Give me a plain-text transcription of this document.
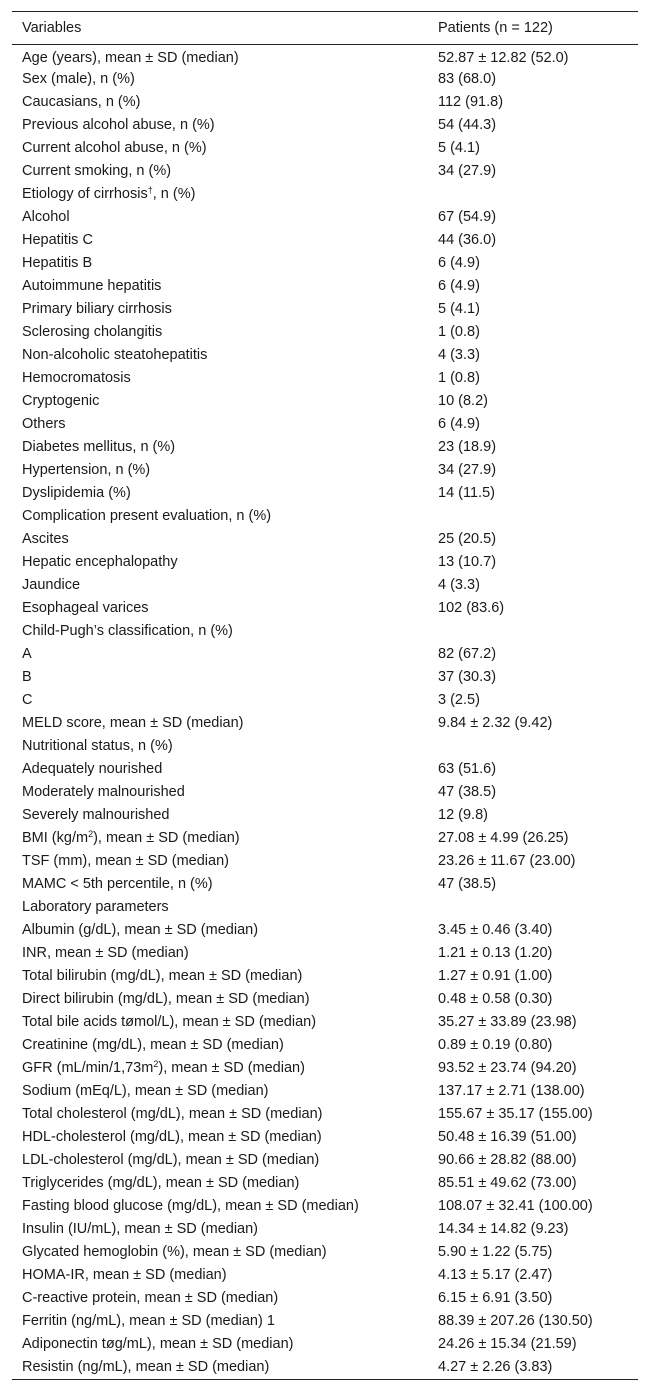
Variables	Patients (n = 122)
Age (years), mean ± SD (median)	52.87 ± 12.82 (52.0)
Sex (male), n (%)	83 (68.0)
Caucasians, n (%)	112 (91.8)
Previous alcohol abuse, n (%)	54 (44.3)
Current alcohol abuse, n (%)	5 (4.1)
Current smoking, n (%)	34 (27.9)
Etiology of cirrhosis†, n (%)	
Alcohol	67 (54.9)
Hepatitis C	44 (36.0)
Hepatitis B	6 (4.9)
Autoimmune hepatitis	6 (4.9)
Primary biliary cirrhosis	5 (4.1)
Sclerosing cholangitis	1 (0.8)
Non-alcoholic steatohepatitis	4 (3.3)
Hemocromatosis	1 (0.8)
Cryptogenic	10 (8.2)
Others	6 (4.9)
Diabetes mellitus, n (%)	23 (18.9)
Hypertension, n (%)	34 (27.9)
Dyslipidemia (%)	14 (11.5)
Complication present evaluation, n (%)	
Ascites	25 (20.5)
Hepatic encephalopathy	13 (10.7)
Jaundice	4 (3.3)
Esophageal varices	102 (83.6)
Child-Pugh’s classification, n (%)	
A	82 (67.2)
B	37 (30.3)
C	3 (2.5)
MELD score, mean ± SD (median)	9.84 ± 2.32 (9.42)
Nutritional status, n (%)	
Adequately nourished	63 (51.6)
Moderately malnourished	47 (38.5)
Severely malnourished	12 (9.8)
BMI $(kg/m^2)$, mean ± SD (median)	27.08 ± 4.99 (26.25)
TSF (mm), mean ± SD (median)	23.26 ± 11.67 (23.00)
MAMC < 5th percentile, n (%)	47 (38.5)
Laboratory parameters	
Albumin (g/dL), mean ± SD (median)	3.45 ± 0.46 (3.40)
INR, mean ± SD (median)	1.21 ± 0.13 (1.20)
Total bilirubin (mg/dL), mean ± SD (median)	1.27 ± 0.91 (1.00)
Direct bilirubin (mg/dL), mean ± SD (median)	0.48 ± 0.58 (0.30)
Total bile acids tømol/L), mean ± SD (median)	35.27 ± 33.89 (23.98)
Creatinine (mg/dL), mean ± SD (median)	0.89 ± 0.19 (0.80)
GFR $(mL/\min/1,73m^2)$, mean ± SD (median)	93.52 ± 23.74 (94.20)
Sodium (mEq/L), mean ± SD (median)	137.17 ± 2.71 (138.00)
Total cholesterol (mg/dL), mean ± SD (median)	155.67 ± 35.17 (155.00)
HDL-cholesterol (mg/dL), mean ± SD (median)	50.48 ± 16.39 (51.00)
LDL-cholesterol (mg/dL), mean ± SD (median)	90.66 ± 28.82 (88.00)
Triglycerides (mg/dL), mean ± SD (median)	85.51 ± 49.62 (73.00)
Fasting blood glucose (mg/dL), mean ± SD (median)	108.07 ± 32.41 (100.00)
Insulin (IU/mL), mean ± SD (median)	14.34 ± 14.82 (9.23)
Glycated hemoglobin (%), mean ± SD (median)	5.90 ± 1.22 (5.75)
HOMA-IR, mean ± SD (median)	4.13 ± 5.17 (2.47)
C-reactive protein, mean ± SD (median)	6.15 ± 6.91 (3.50)
Ferritin (ng/mL), mean ± SD (median) 1	88.39 ± 207.26 (130.50)
Adiponectin tøg/mL), mean ± SD (median)	24.26 ± 15.34 (21.59)
Resistin (ng/mL), mean ± SD (median)	4.27 ± 2.26 (3.83)
